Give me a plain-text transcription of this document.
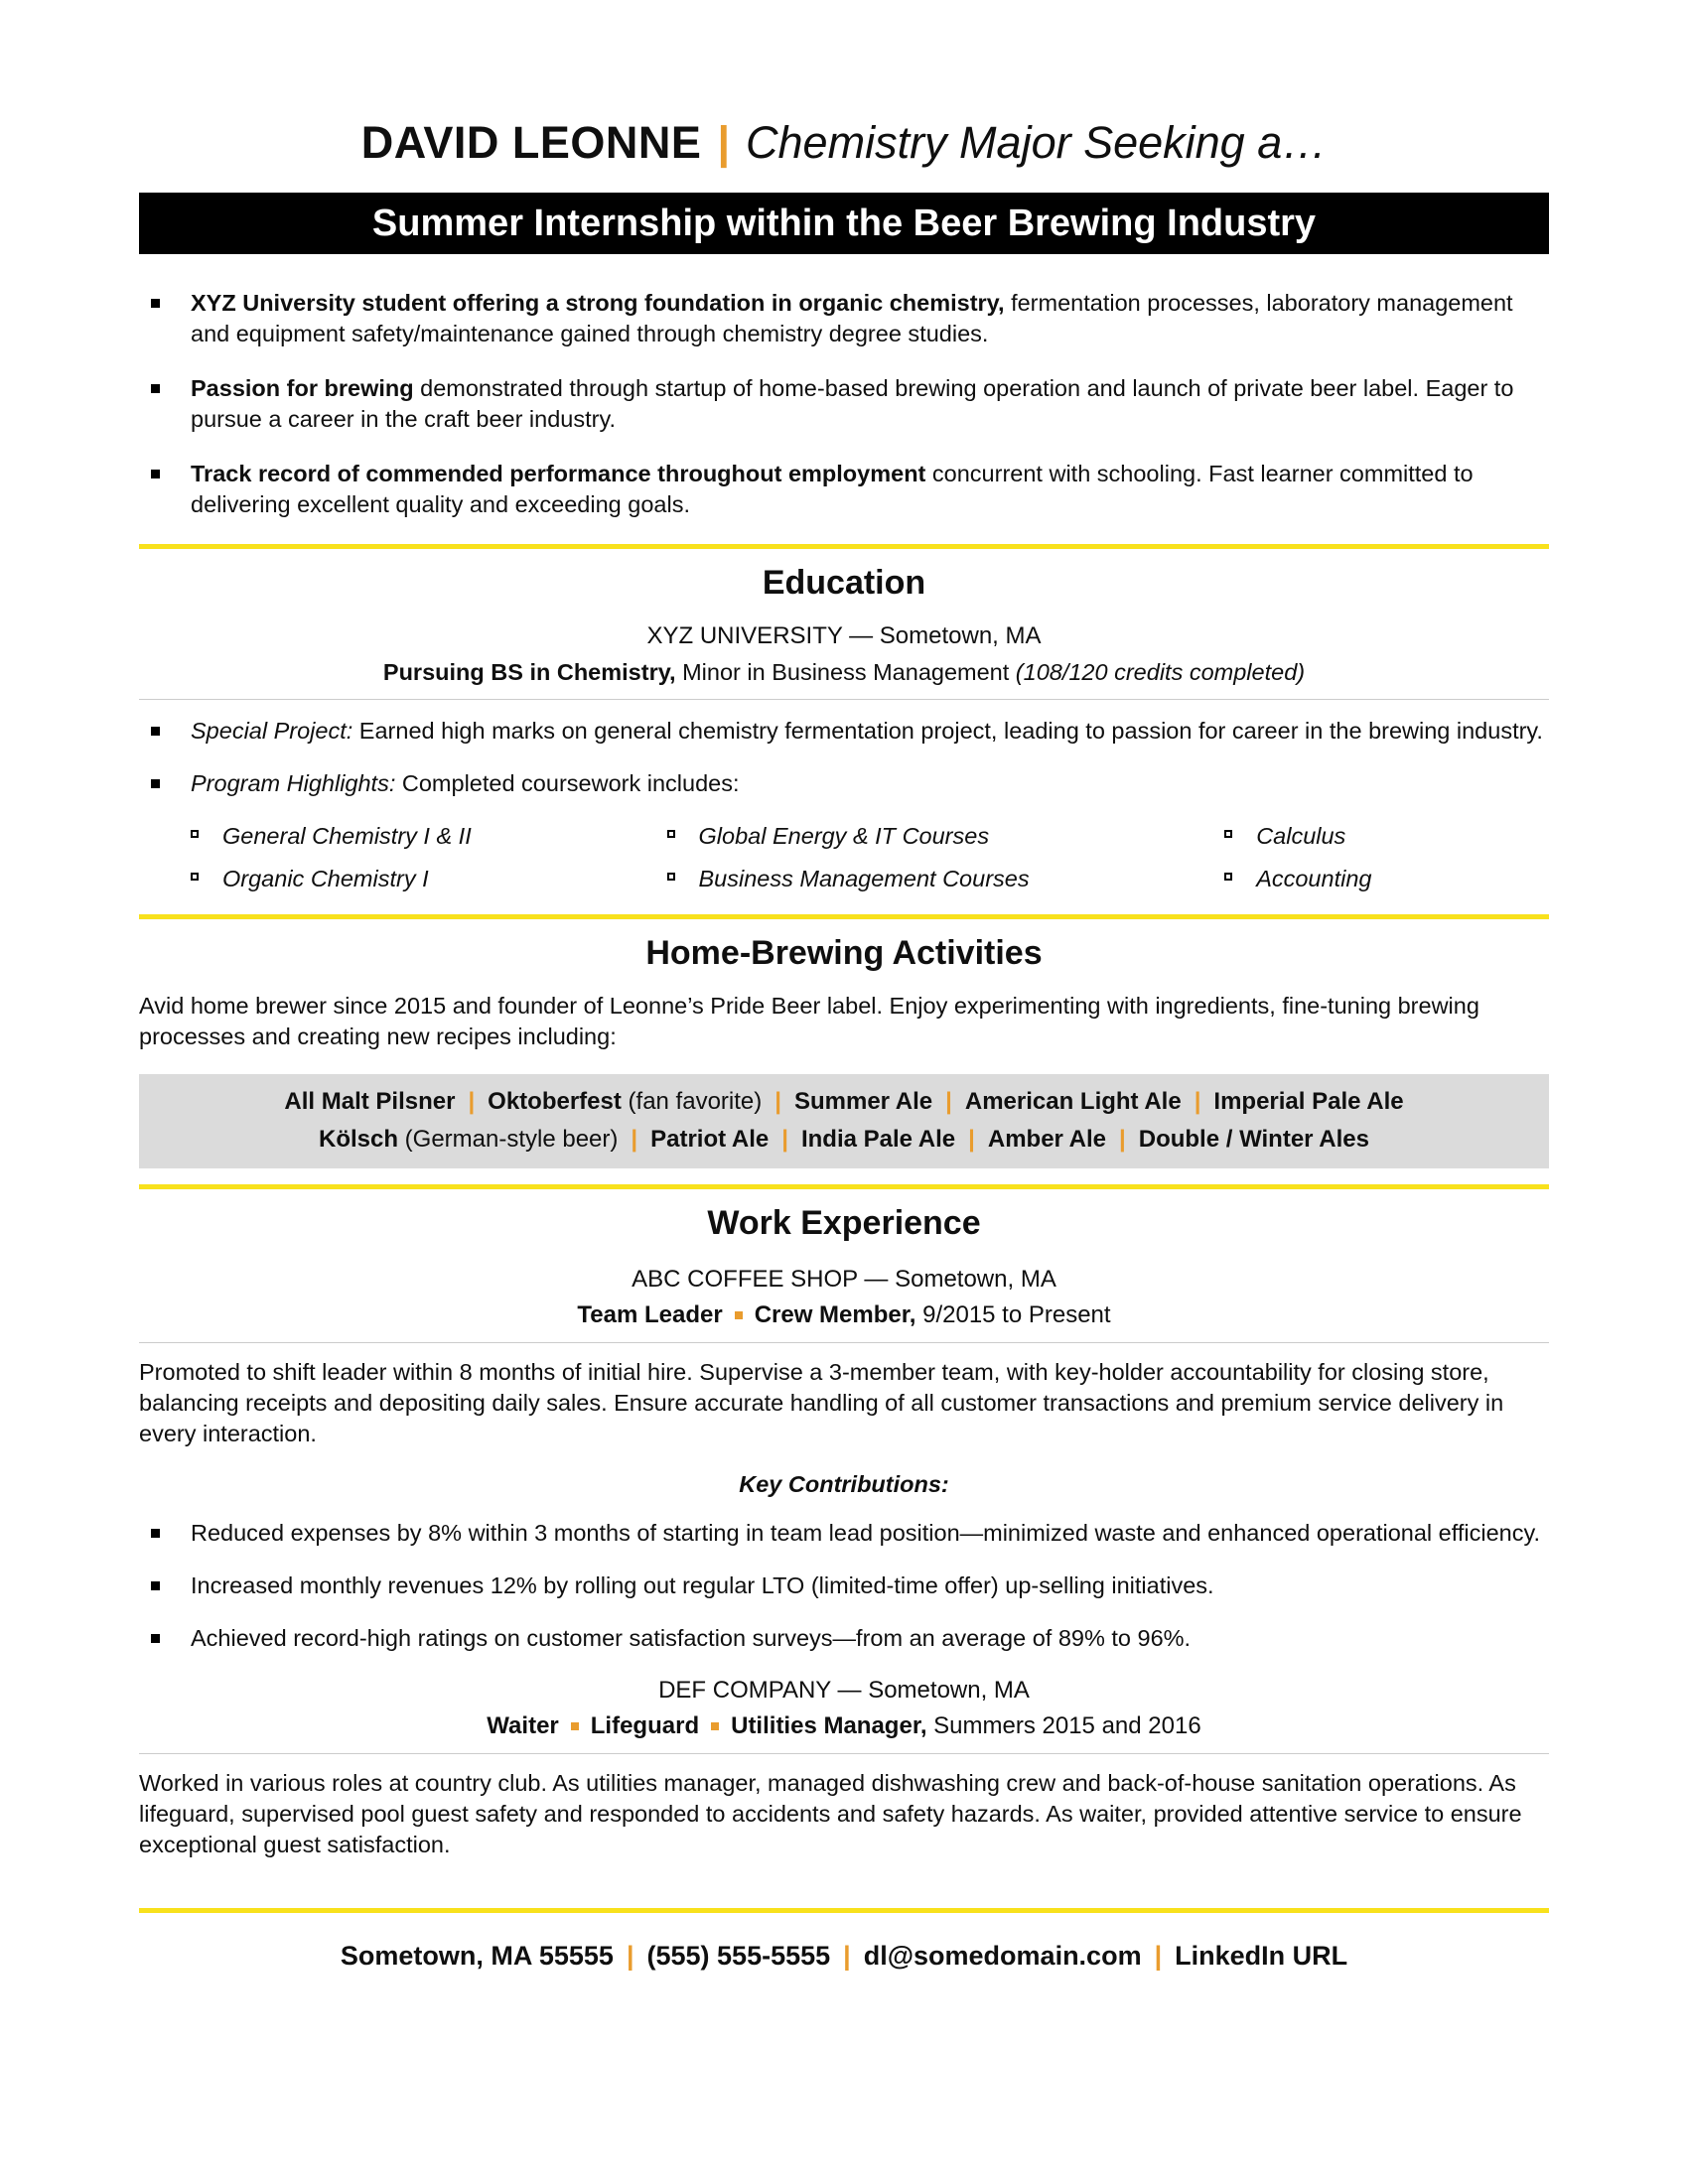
DAVID LEONNE | Chemistry Major Seeking a…
Summer Internship within the Beer Brewing Industry
XYZ University student offering a strong foundation in organic chemistry, fermentation processes, laboratory management and equipment safety/maintenance gained through chemistry degree studies.
Passion for brewing demonstrated through startup of home-based brewing operation and launch of private beer label. Eager to pursue a career in the craft beer industry.
Track record of commended performance throughout employment concurrent with schooling. Fast learner committed to delivering excellent quality and exceeding goals.
Education

XYZ UNIVERSITY — Sometown, MA

Pursuing BS in Chemistry, Minor in Business Management (108/120 credits completed)

Special Project: Earned high marks on general chemistry fermentation project, leading to passion for career in the brewing industry.
Program Highlights: Completed coursework includes:
General Chemistry I & II	Global Energy & IT Courses	Calculus
Organic Chemistry I	Business Management Courses	Accounting
Home-Brewing Activities

Avid home brewer since 2015 and founder of Leonne’s Pride Beer label. Enjoy experimenting with ingredients, fine-tuning brewing processes and creating new recipes including:

All Malt Pilsner | Oktoberfest (fan favorite) | Summer Ale | American Light Ale | Imperial Pale Ale
Kölsch (German-style beer) | Patriot Ale | India Pale Ale | Amber Ale | Double / Winter Ales
Work Experience

ABC COFFEE SHOP — Sometown, MA

Team Leader Crew Member, 9/2015 to Present

Promoted to shift leader within 8 months of initial hire. Supervise a 3-member team, with key-holder accountability for closing store, balancing receipts and depositing daily sales. Ensure accurate handling of all customer transactions and premium service delivery in every interaction.

Key Contributions:

Reduced expenses by 8% within 3 months of starting in team lead position—minimized waste and enhanced operational efficiency.
Increased monthly revenues 12% by rolling out regular LTO (limited-time offer) up-selling initiatives.
Achieved record-high ratings on customer satisfaction surveys—from an average of 89% to 96%.

DEF COMPANY — Sometown, MA

Waiter Lifeguard Utilities Manager, Summers 2015 and 2016

Worked in various roles at country club. As utilities manager, managed dishwashing crew and back-of-house sanitation operations. As lifeguard, supervised pool guest safety and responded to accidents and safety hazards. As waiter, provided attentive service to ensure exceptional guest satisfaction.

Sometown, MA 55555 | (555) 555-5555 | dl@somedomain.com | LinkedIn URL
